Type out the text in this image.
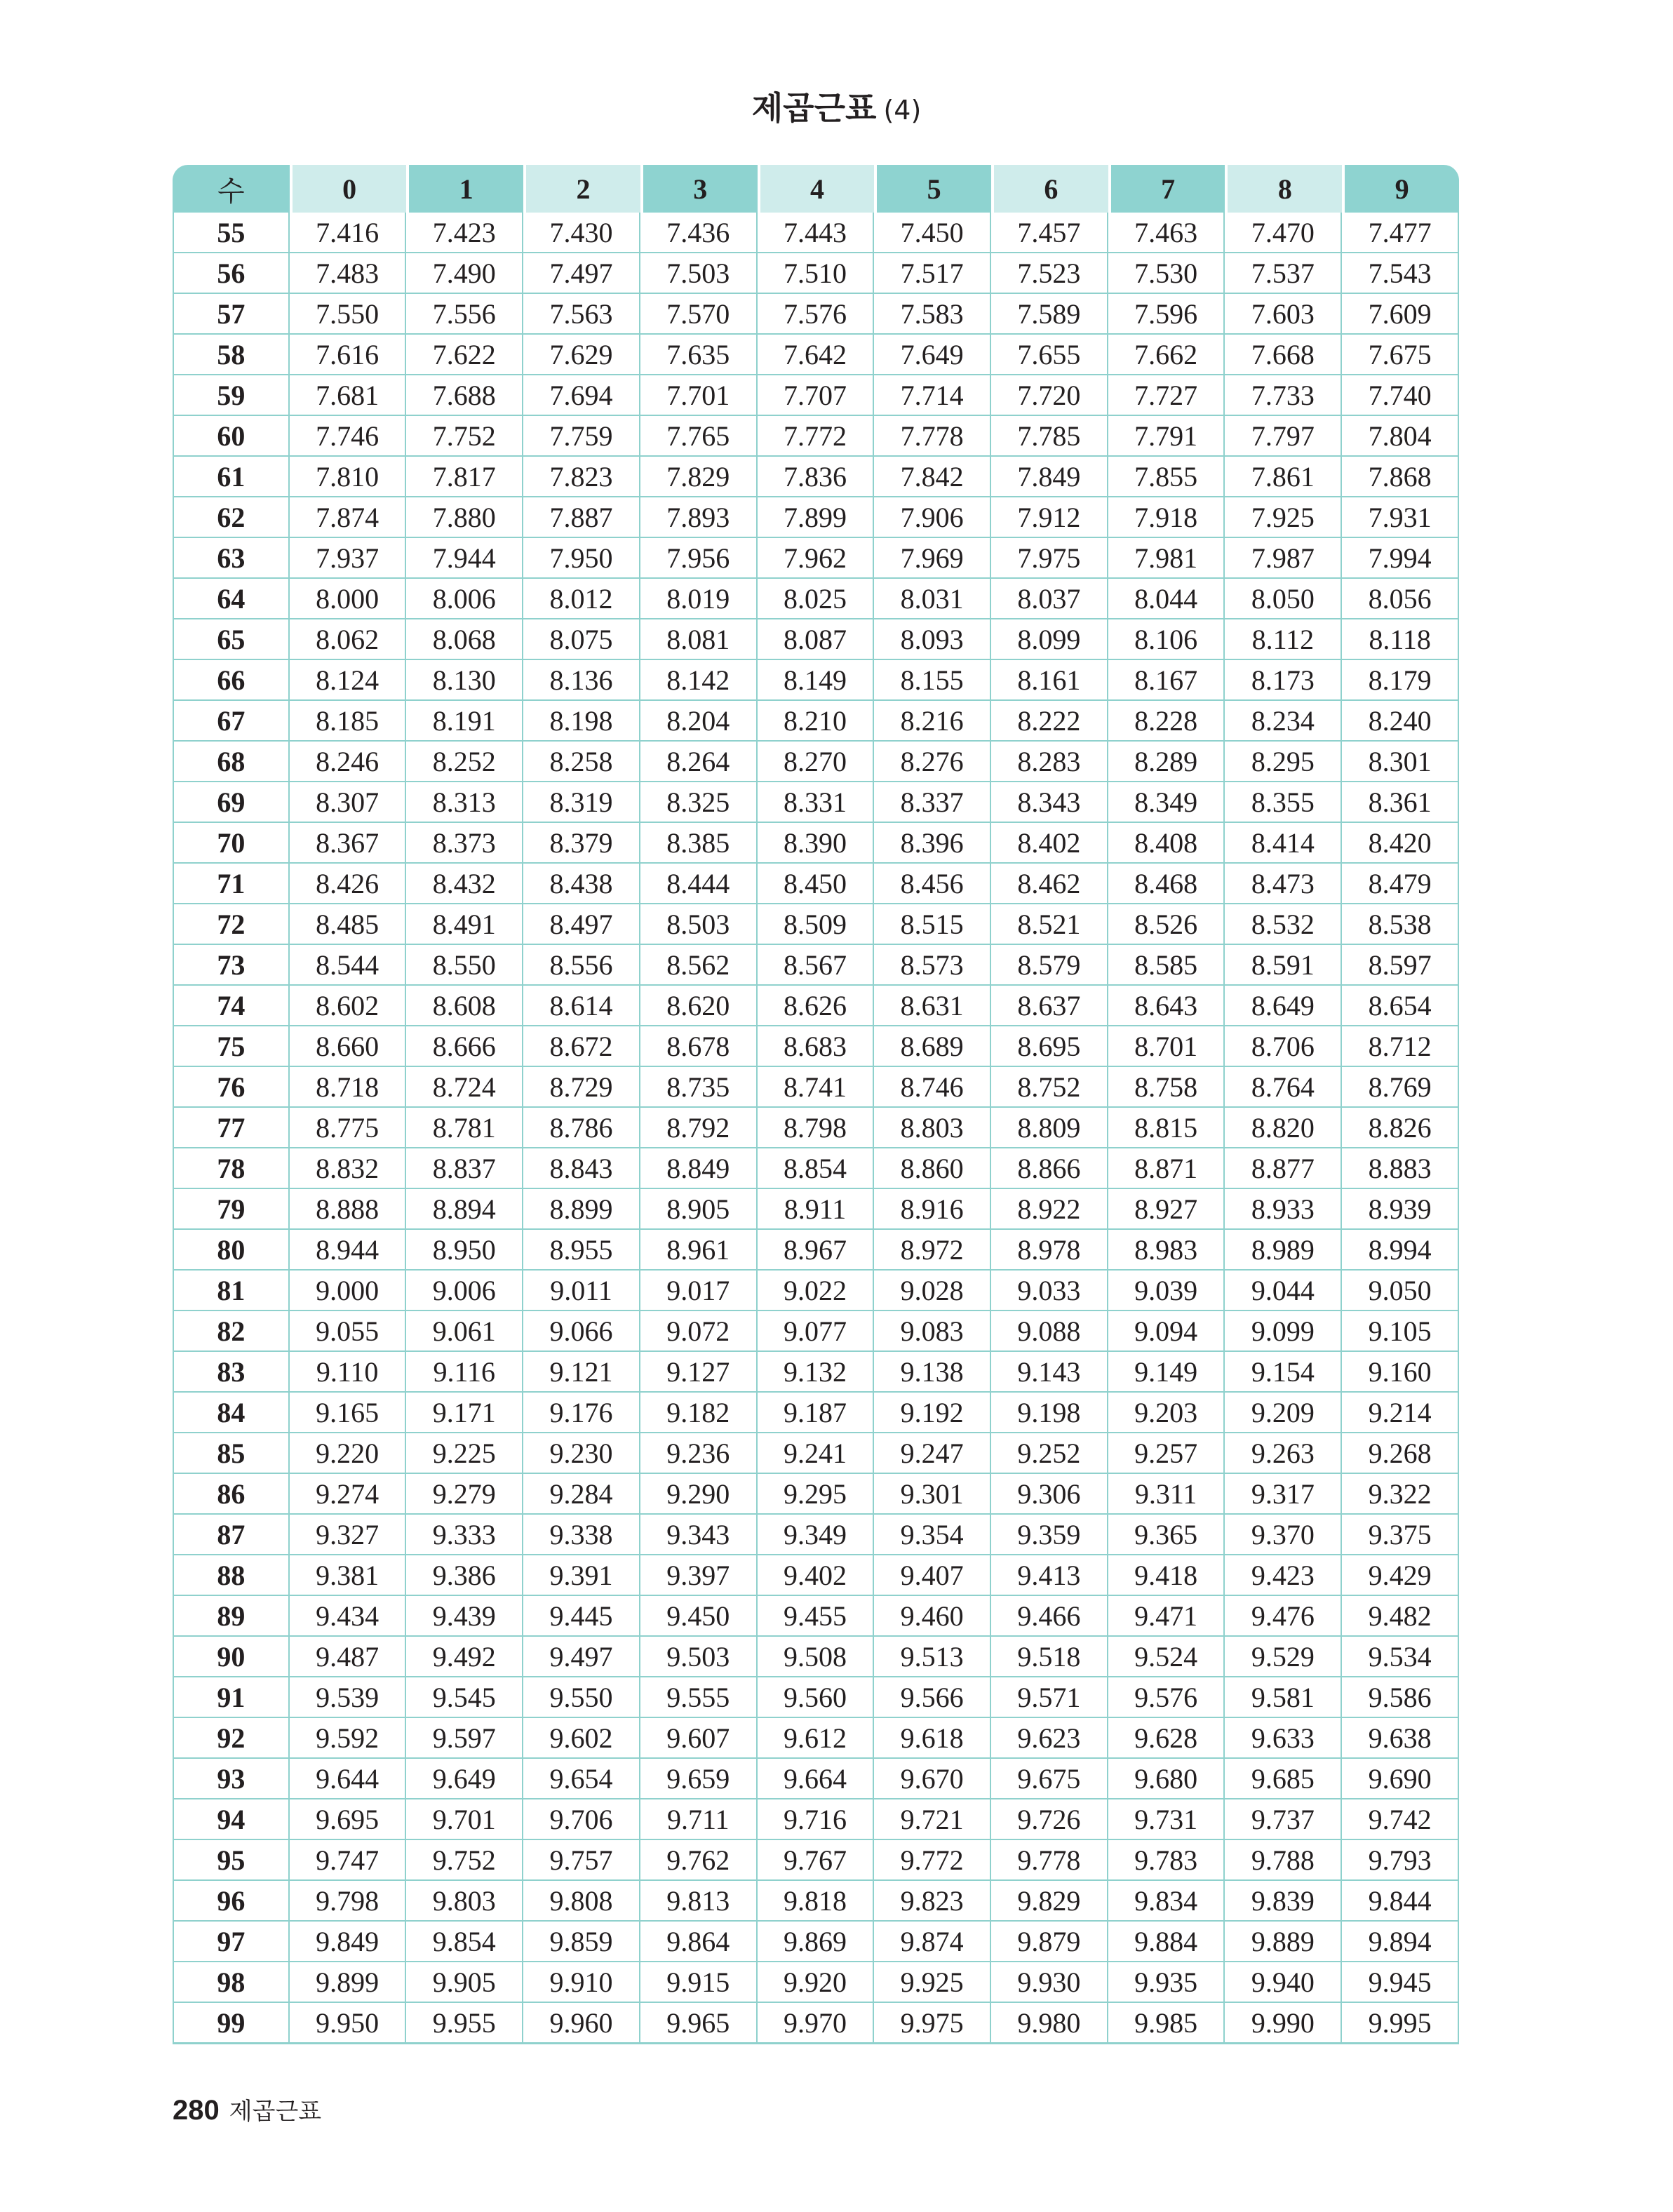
제곱근표 (4)
수	0	1	2	3	4	5	6	7	8	9
55	7.416	7.423	7.430	7.436	7.443	7.450	7.457	7.463	7.470	7.477
56	7.483	7.490	7.497	7.503	7.510	7.517	7.523	7.530	7.537	7.543
57	7.550	7.556	7.563	7.570	7.576	7.583	7.589	7.596	7.603	7.609
58	7.616	7.622	7.629	7.635	7.642	7.649	7.655	7.662	7.668	7.675
59	7.681	7.688	7.694	7.701	7.707	7.714	7.720	7.727	7.733	7.740
60	7.746	7.752	7.759	7.765	7.772	7.778	7.785	7.791	7.797	7.804
61	7.810	7.817	7.823	7.829	7.836	7.842	7.849	7.855	7.861	7.868
62	7.874	7.880	7.887	7.893	7.899	7.906	7.912	7.918	7.925	7.931
63	7.937	7.944	7.950	7.956	7.962	7.969	7.975	7.981	7.987	7.994
64	8.000	8.006	8.012	8.019	8.025	8.031	8.037	8.044	8.050	8.056
65	8.062	8.068	8.075	8.081	8.087	8.093	8.099	8.106	8.112	8.118
66	8.124	8.130	8.136	8.142	8.149	8.155	8.161	8.167	8.173	8.179
67	8.185	8.191	8.198	8.204	8.210	8.216	8.222	8.228	8.234	8.240
68	8.246	8.252	8.258	8.264	8.270	8.276	8.283	8.289	8.295	8.301
69	8.307	8.313	8.319	8.325	8.331	8.337	8.343	8.349	8.355	8.361
70	8.367	8.373	8.379	8.385	8.390	8.396	8.402	8.408	8.414	8.420
71	8.426	8.432	8.438	8.444	8.450	8.456	8.462	8.468	8.473	8.479
72	8.485	8.491	8.497	8.503	8.509	8.515	8.521	8.526	8.532	8.538
73	8.544	8.550	8.556	8.562	8.567	8.573	8.579	8.585	8.591	8.597
74	8.602	8.608	8.614	8.620	8.626	8.631	8.637	8.643	8.649	8.654
75	8.660	8.666	8.672	8.678	8.683	8.689	8.695	8.701	8.706	8.712
76	8.718	8.724	8.729	8.735	8.741	8.746	8.752	8.758	8.764	8.769
77	8.775	8.781	8.786	8.792	8.798	8.803	8.809	8.815	8.820	8.826
78	8.832	8.837	8.843	8.849	8.854	8.860	8.866	8.871	8.877	8.883
79	8.888	8.894	8.899	8.905	8.911	8.916	8.922	8.927	8.933	8.939
80	8.944	8.950	8.955	8.961	8.967	8.972	8.978	8.983	8.989	8.994
81	9.000	9.006	9.011	9.017	9.022	9.028	9.033	9.039	9.044	9.050
82	9.055	9.061	9.066	9.072	9.077	9.083	9.088	9.094	9.099	9.105
83	9.110	9.116	9.121	9.127	9.132	9.138	9.143	9.149	9.154	9.160
84	9.165	9.171	9.176	9.182	9.187	9.192	9.198	9.203	9.209	9.214
85	9.220	9.225	9.230	9.236	9.241	9.247	9.252	9.257	9.263	9.268
86	9.274	9.279	9.284	9.290	9.295	9.301	9.306	9.311	9.317	9.322
87	9.327	9.333	9.338	9.343	9.349	9.354	9.359	9.365	9.370	9.375
88	9.381	9.386	9.391	9.397	9.402	9.407	9.413	9.418	9.423	9.429
89	9.434	9.439	9.445	9.450	9.455	9.460	9.466	9.471	9.476	9.482
90	9.487	9.492	9.497	9.503	9.508	9.513	9.518	9.524	9.529	9.534
91	9.539	9.545	9.550	9.555	9.560	9.566	9.571	9.576	9.581	9.586
92	9.592	9.597	9.602	9.607	9.612	9.618	9.623	9.628	9.633	9.638
93	9.644	9.649	9.654	9.659	9.664	9.670	9.675	9.680	9.685	9.690
94	9.695	9.701	9.706	9.711	9.716	9.721	9.726	9.731	9.737	9.742
95	9.747	9.752	9.757	9.762	9.767	9.772	9.778	9.783	9.788	9.793
96	9.798	9.803	9.808	9.813	9.818	9.823	9.829	9.834	9.839	9.844
97	9.849	9.854	9.859	9.864	9.869	9.874	9.879	9.884	9.889	9.894
98	9.899	9.905	9.910	9.915	9.920	9.925	9.930	9.935	9.940	9.945
99	9.950	9.955	9.960	9.965	9.970	9.975	9.980	9.985	9.990	9.995
280 제곱근표
